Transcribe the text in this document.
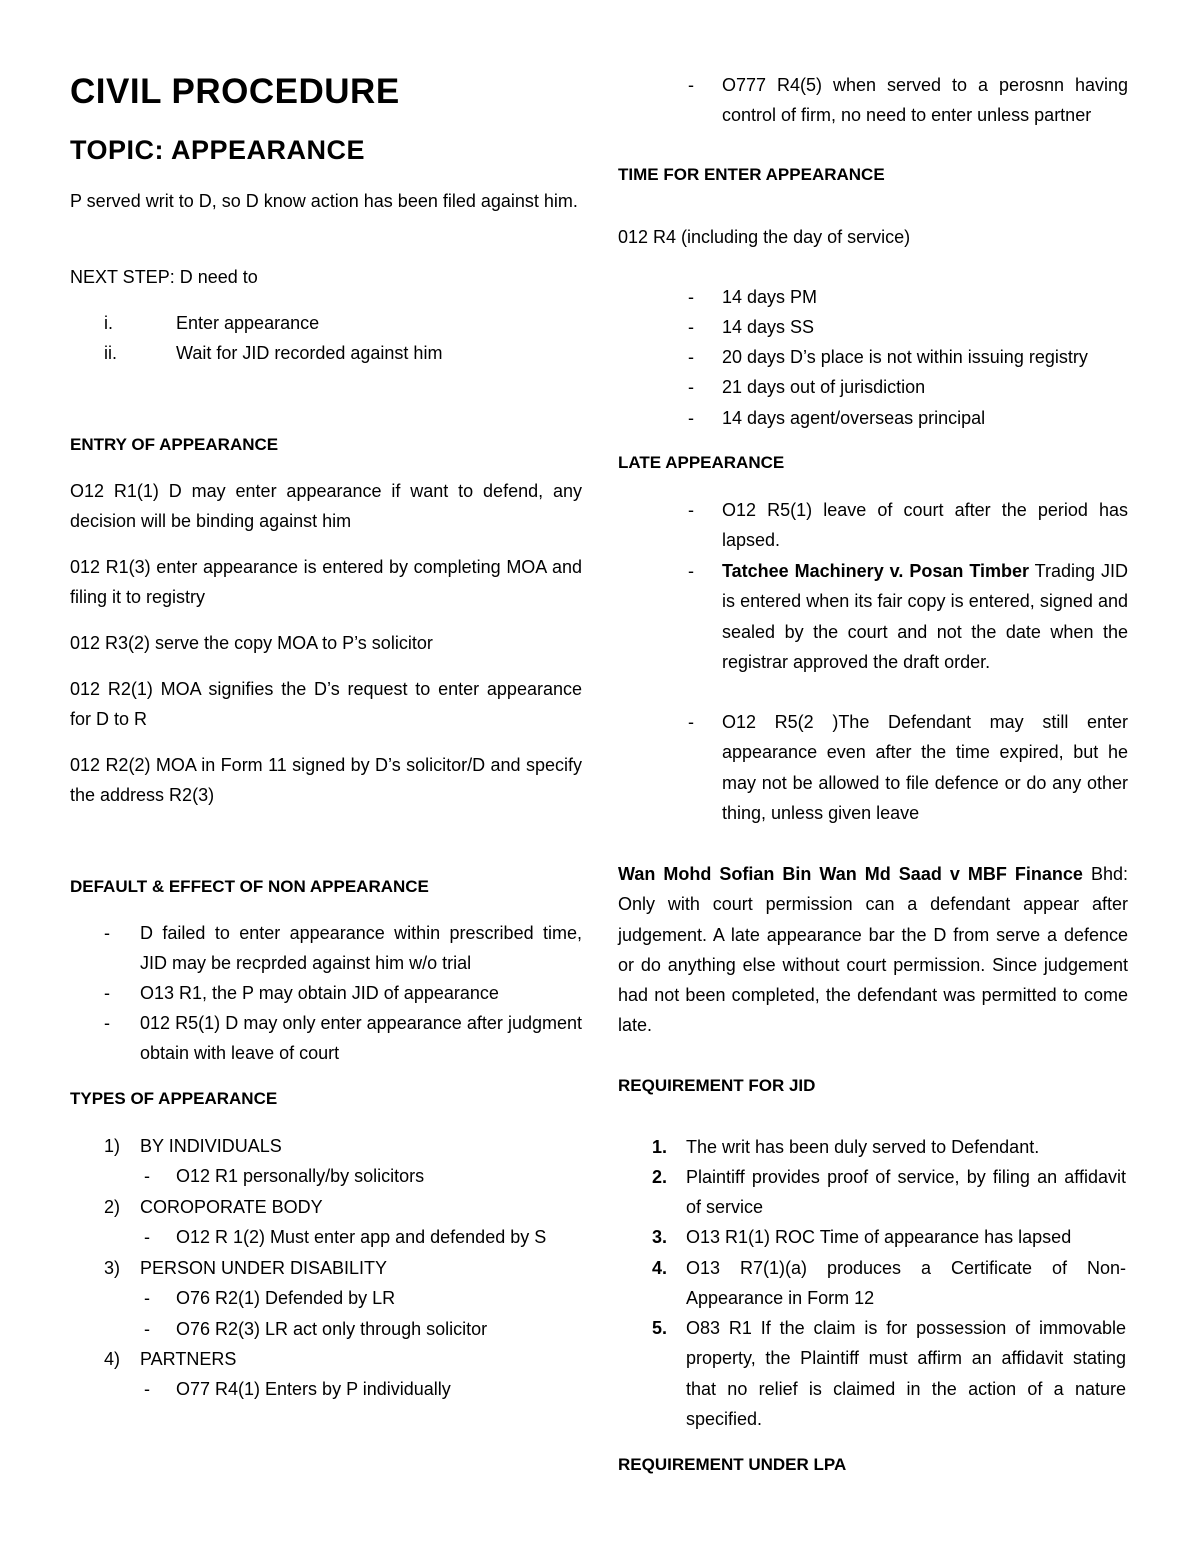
CIVIL PROCEDURE
TOPIC: APPEARANCE

P served writ to D, so D know action has been filed against him.

NEXT STEP: D need to

i.	Enter appearance
ii.	Wait for JID recorded against him

ENTRY OF APPEARANCE

O12 R1(1) D may enter appearance if want to defend, any decision will be binding against him

012 R1(3) enter appearance is entered by completing MOA and filing it to registry

012 R3(2) serve the copy MOA to P’s solicitor

012 R2(1) MOA signifies the D’s request to enter appearance for D to R

012 R2(2) MOA in Form 11 signed by D’s solicitor/D and specify the address R2(3)

DEFAULT & EFFECT OF NON APPEARANCE

- D failed to enter appearance within prescribed time, JID may be recprded against him w/o trial
- O13 R1, the P may obtain JID of appearance
- 012 R5(1) D may only enter appearance after judgment obtain with leave of court

TYPES OF APPEARANCE

1) BY INDIVIDUALS
- O12 R1 personally/by solicitors
2) COROPORATE BODY
- O12 R 1(2) Must enter app and defended by S
3) PERSON UNDER DISABILITY
- O76 R2(1) Defended by LR
- O76 R2(3) LR act only through solicitor
4) PARTNERS
- O77 R4(1) Enters by P individually
- O777 R4(5) when served to a perosnn having control of firm, no need to enter unless partner

TIME FOR ENTER APPEARANCE

012 R4 (including the day of service)

- 14 days PM
- 14 days SS
- 20 days D’s place is not within issuing registry
- 21 days out of jurisdiction
- 14 days agent/overseas principal

LATE APPEARANCE

- O12 R5(1) leave of court after the period has lapsed.
- Tatchee Machinery v. Posan Timber Trading JID is entered when its fair copy is entered, signed and sealed by the court and not the date when the registrar approved the draft order.
- O12 R5(2 )The Defendant may still enter appearance even after the time expired, but he may not be allowed to file defence or do any other thing, unless given leave

Wan Mohd Sofian Bin Wan Md Saad v MBF Finance Bhd: Only with court permission can a defendant appear after judgement. A late appearance bar the D from serve a defence or do anything else without court permission. Since judgement had not been completed, the defendant was permitted to come late.

REQUIREMENT FOR JID

1. The writ has been duly served to Defendant.
2. Plaintiff provides proof of service, by filing an affidavit of service
3. O13 R1(1) ROC Time of appearance has lapsed
4. O13 R7(1)(a) produces a Certificate of Non-Appearance in Form 12
5. O83 R1 If the claim is for possession of immovable property, the Plaintiff must affirm an affidavit stating that no relief is claimed in the action of a nature specified.

REQUIREMENT UNDER LPA
